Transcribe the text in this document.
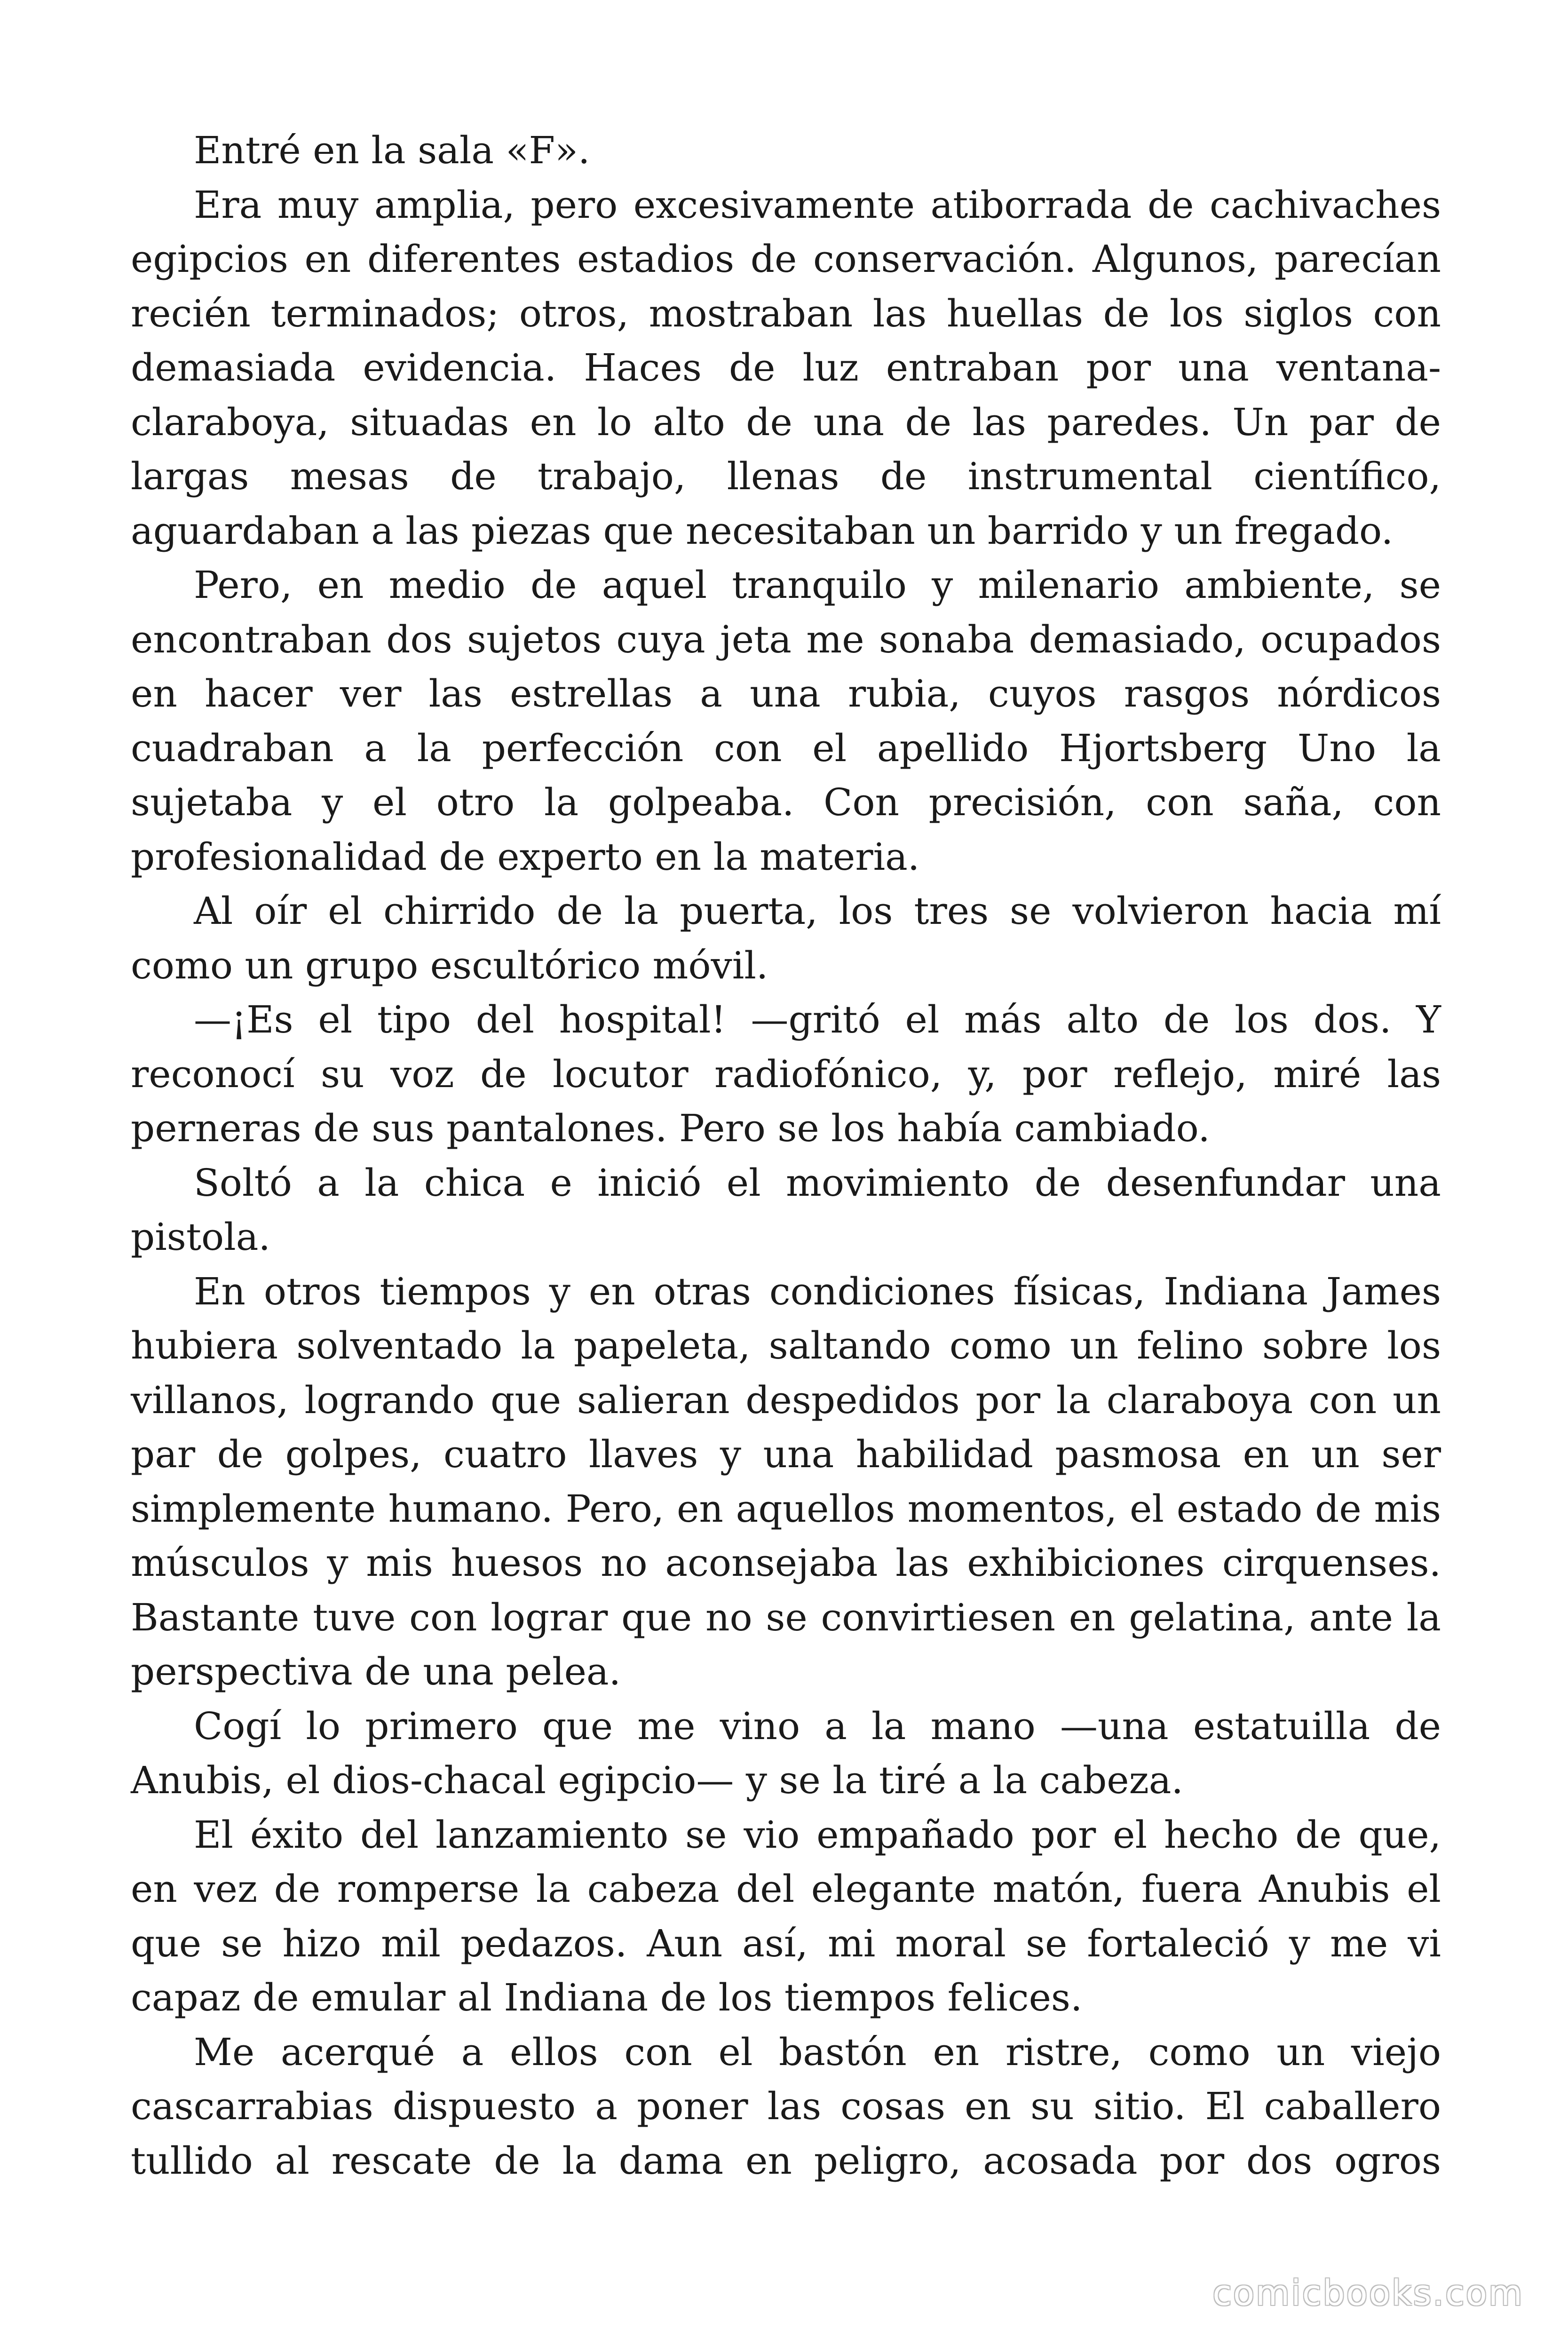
Entré en la sala «F».

Era muy amplia, pero excesivamente atiborrada de cachivaches egipcios en diferentes estadios de conservación. Algunos, parecían recién terminados; otros, mostraban las huellas de los siglos con demasiada evidencia. Haces de luz entraban por una ventana-claraboya, situadas en lo alto de una de las paredes. Un par de largas mesas de trabajo, llenas de instrumental científico, aguardaban a las piezas que necesitaban un barrido y un fregado.

Pero, en medio de aquel tranquilo y milenario ambiente, se encontraban dos sujetos cuya jeta me sonaba demasiado, ocupados en hacer ver las estrellas a una rubia, cuyos rasgos nórdicos cuadraban a la perfección con el apellido Hjortsberg Uno la sujetaba y el otro la golpeaba. Con precisión, con saña, con profesionalidad de experto en la materia.

Al oír el chirrido de la puerta, los tres se volvieron hacia mí como un grupo escultórico móvil.

—¡Es el tipo del hospital! —gritó el más alto de los dos. Y reconocí su voz de locutor radiofónico, y, por reflejo, miré las perneras de sus pantalones. Pero se los había cambiado.

Soltó a la chica e inició el movimiento de desenfundar una pistola.

En otros tiempos y en otras condiciones físicas, Indiana James hubiera solventado la papeleta, saltando como un felino sobre los villanos, logrando que salieran despedidos por la claraboya con un par de golpes, cuatro llaves y una habilidad pasmosa en un ser simplemente humano. Pero, en aquellos momentos, el estado de mis músculos y mis huesos no aconsejaba las exhibiciones cirquenses. Bastante tuve con lograr que no se convirtiesen en gelatina, ante la perspectiva de una pelea.

Cogí lo primero que me vino a la mano —una estatuilla de Anubis, el dios-chacal egipcio— y se la tiré a la cabeza.

El éxito del lanzamiento se vio empañado por el hecho de que, en vez de romperse la cabeza del elegante matón, fuera Anubis el que se hizo mil pedazos. Aun así, mi moral se fortaleció y me vi capaz de emular al Indiana de los tiempos felices.

Me acerqué a ellos con el bastón en ristre, como un viejo cascarrabias dispuesto a poner las cosas en su sitio. El caballero tullido al rescate de la dama en peligro, acosada por dos ogros

comicbooks.com
